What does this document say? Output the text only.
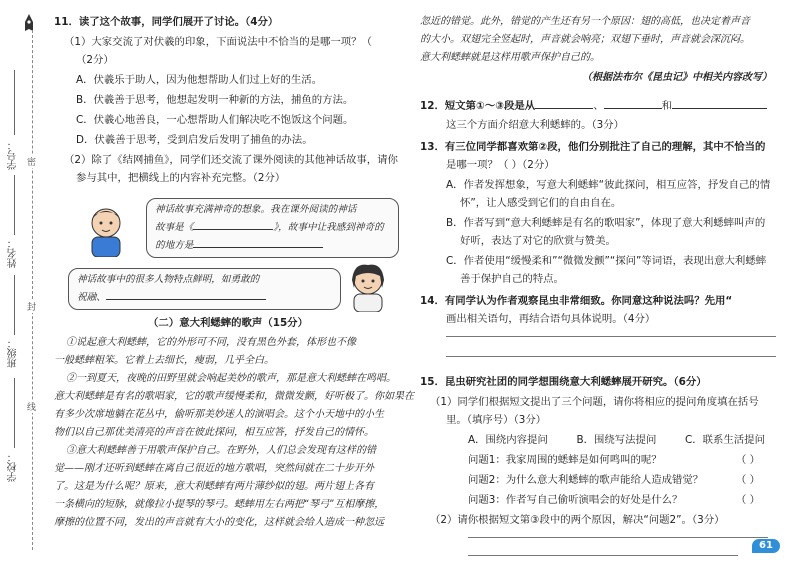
学号：
姓名：
班级：
学校：
密
封
线
11．读了这个故事，同学们展开了讨论。（4分）
（1）大家交流了对伏羲的印象，下面说法中不恰当的是哪一项？（
（2分）
A．伏羲乐于助人，因为他想帮助人们过上好的生活。
B．伏羲善于思考，他想起发明一种新的方法，捕鱼的方法。
C．伏羲心地善良，一心想帮助人们解决吃不饱饭这个问题。
D．伏羲善于思考，受到启发后发明了捕鱼的办法。
（2）除了《结网捕鱼》，同学们还交流了课外阅读的其他神话故事，请你
参与其中，把横线上的内容补充完整。（2分）
神话故事充满神奇的想象。我在课外阅读的神话
故事是《	》，故事中让我感到神奇的
的地方是
神话故事中的很多人物特点鲜明，如勇敢的
祝融、
（二）意大利蟋蟀的歌声（15分）
①说起意大利蟋蟀，它的外形可不同，没有黑色外套，体形也不像
一般蟋蟀粗笨。它着上去细长，瘦弱，几乎全白。
②一到夏天，夜晚的田野里就会响起美妙的歌声，那是意大利蟋蟀在鸣唱。
意大利蟋蟀是有名的歌唱家，它的歌声缓慢柔和，微微发颤，好听极了。你如果在
有多少次席地躺在花丛中，偷听那美妙迷人的演唱会。这个小天地中的小生
物们以自己那优美清亮的声音在彼此探问，相互应答，抒发自己的情怀。
③意大利蟋蟀善于用歌声保护自己。在野外，人们总会发现有这样的错
觉——刚才还听到蟋蟀在离自己很近的地方歌唱，突然间就在二十步开外
了。这是为什么呢？原来，意大利蟋蟀有两片薄纱似的翅。两片翅上各有
一条横向的短脉，就像拉小提琴的琴弓。蟋蟀用左右两把“琴弓”互相摩擦，
摩擦的位置不同，发出的声音就有大小的变化，这样就会给人造成一种忽远
忽近的错觉。此外，错觉的产生还有另一个原因：翅的高低，也决定着声音
的大小。双翅完全竖起时，声音就会响亮；双翅下垂时，声音就会深沉闷。
意大利蟋蟀就是这样用歌声保护自己的。
（根据法布尔《昆虫记》中相关内容改写）
12．短文第①～③段是从	、	和
这三个方面介绍意大利蟋蟀的。（3分）
13．有三位同学都喜欢第②段，他们分别批注了自己的理解，其中不恰当的
是哪一项？（ ）（2分）
A．作者发挥想象，写意大利蟋蟀“彼此探问，相互应答，抒发自己的情
怀”，让人感受到它们的自由自在。
B．作者写到“意大利蟋蟀是有名的歌唱家”，体现了意大利蟋蟀叫声的
好听，表达了对它的欣赏与赞美。
C．作者使用“缓慢柔和”“微微发颤”“探问”等词语，表现出意大利蟋蟀
善于保护自己的特点。
14．有同学认为作者观察昆虫非常细致。你同意这种说法吗？先用“
画出相关语句，再结合语句具体说明。（4分）
15．昆虫研究社团的同学想围绕意大利蟋蟀展开研究。（6分）
（1）同学们根据短文提出了三个问题，请你将相应的提问角度填在括号
里。（填序号）（3分）
A．围绕内容提问	B．围绕写法提问	C．联系生活提问
问题1：我家周围的蟋蟀是如何鸣叫的呢？	（ ）
问题2：为什么意大利蟋蟀的歌声能给人造成错觉？	（ ）
问题3：作者写自己偷听演唱会的好处是什么？	（ ）
（2）请你根据短文第③段中的两个原因，解决“问题2”。（3分）
61
